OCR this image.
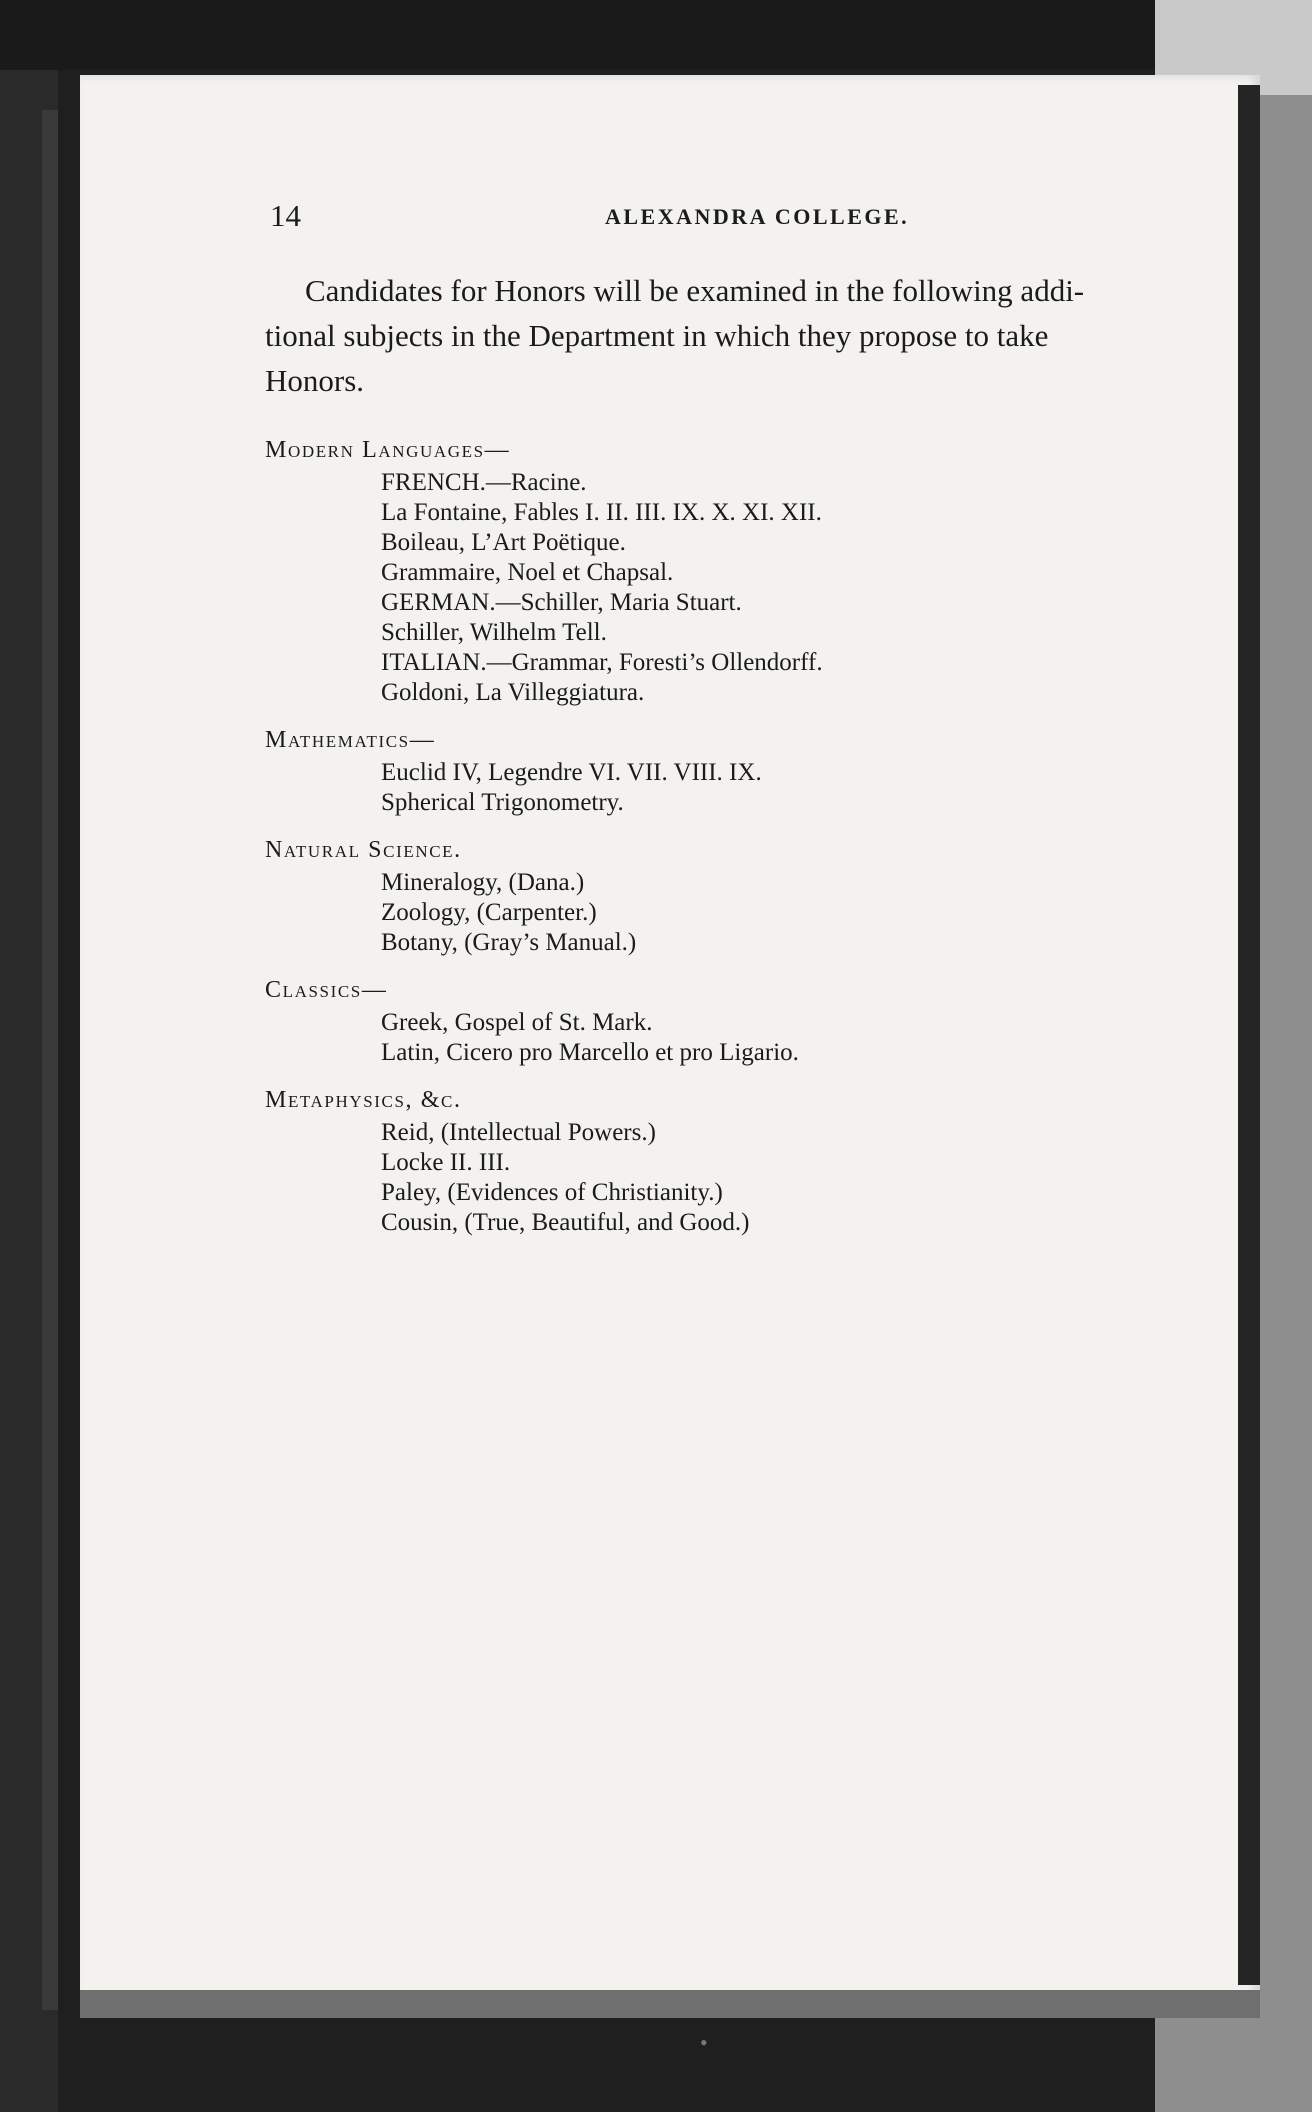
14	ALEXANDRA COLLEGE.
Candidates for Honors will be examined in the following addi-
tional subjects in the Department in which they propose to take
Honors.
Modern Languages—
FRENCH.—Racine.
La Fontaine, Fables I. II. III. IX. X. XI. XII.
Boileau, L’Art Poëtique.
Grammaire, Noel et Chapsal.
GERMAN.—Schiller, Maria Stuart.
Schiller, Wilhelm Tell.
ITALIAN.—Grammar, Foresti’s Ollendorff.
Goldoni, La Villeggiatura.
Mathematics—
Euclid IV, Legendre VI. VII. VIII. IX.
Spherical Trigonometry.
Natural Science.
Mineralogy, (Dana.)
Zoology, (Carpenter.)
Botany, (Gray’s Manual.)
Classics—
Greek, Gospel of St. Mark.
Latin, Cicero pro Marcello et pro Ligario.
Metaphysics, &c.
Reid, (Intellectual Powers.)
Locke II. III.
Paley, (Evidences of Christianity.)
Cousin, (True, Beautiful, and Good.)
•
